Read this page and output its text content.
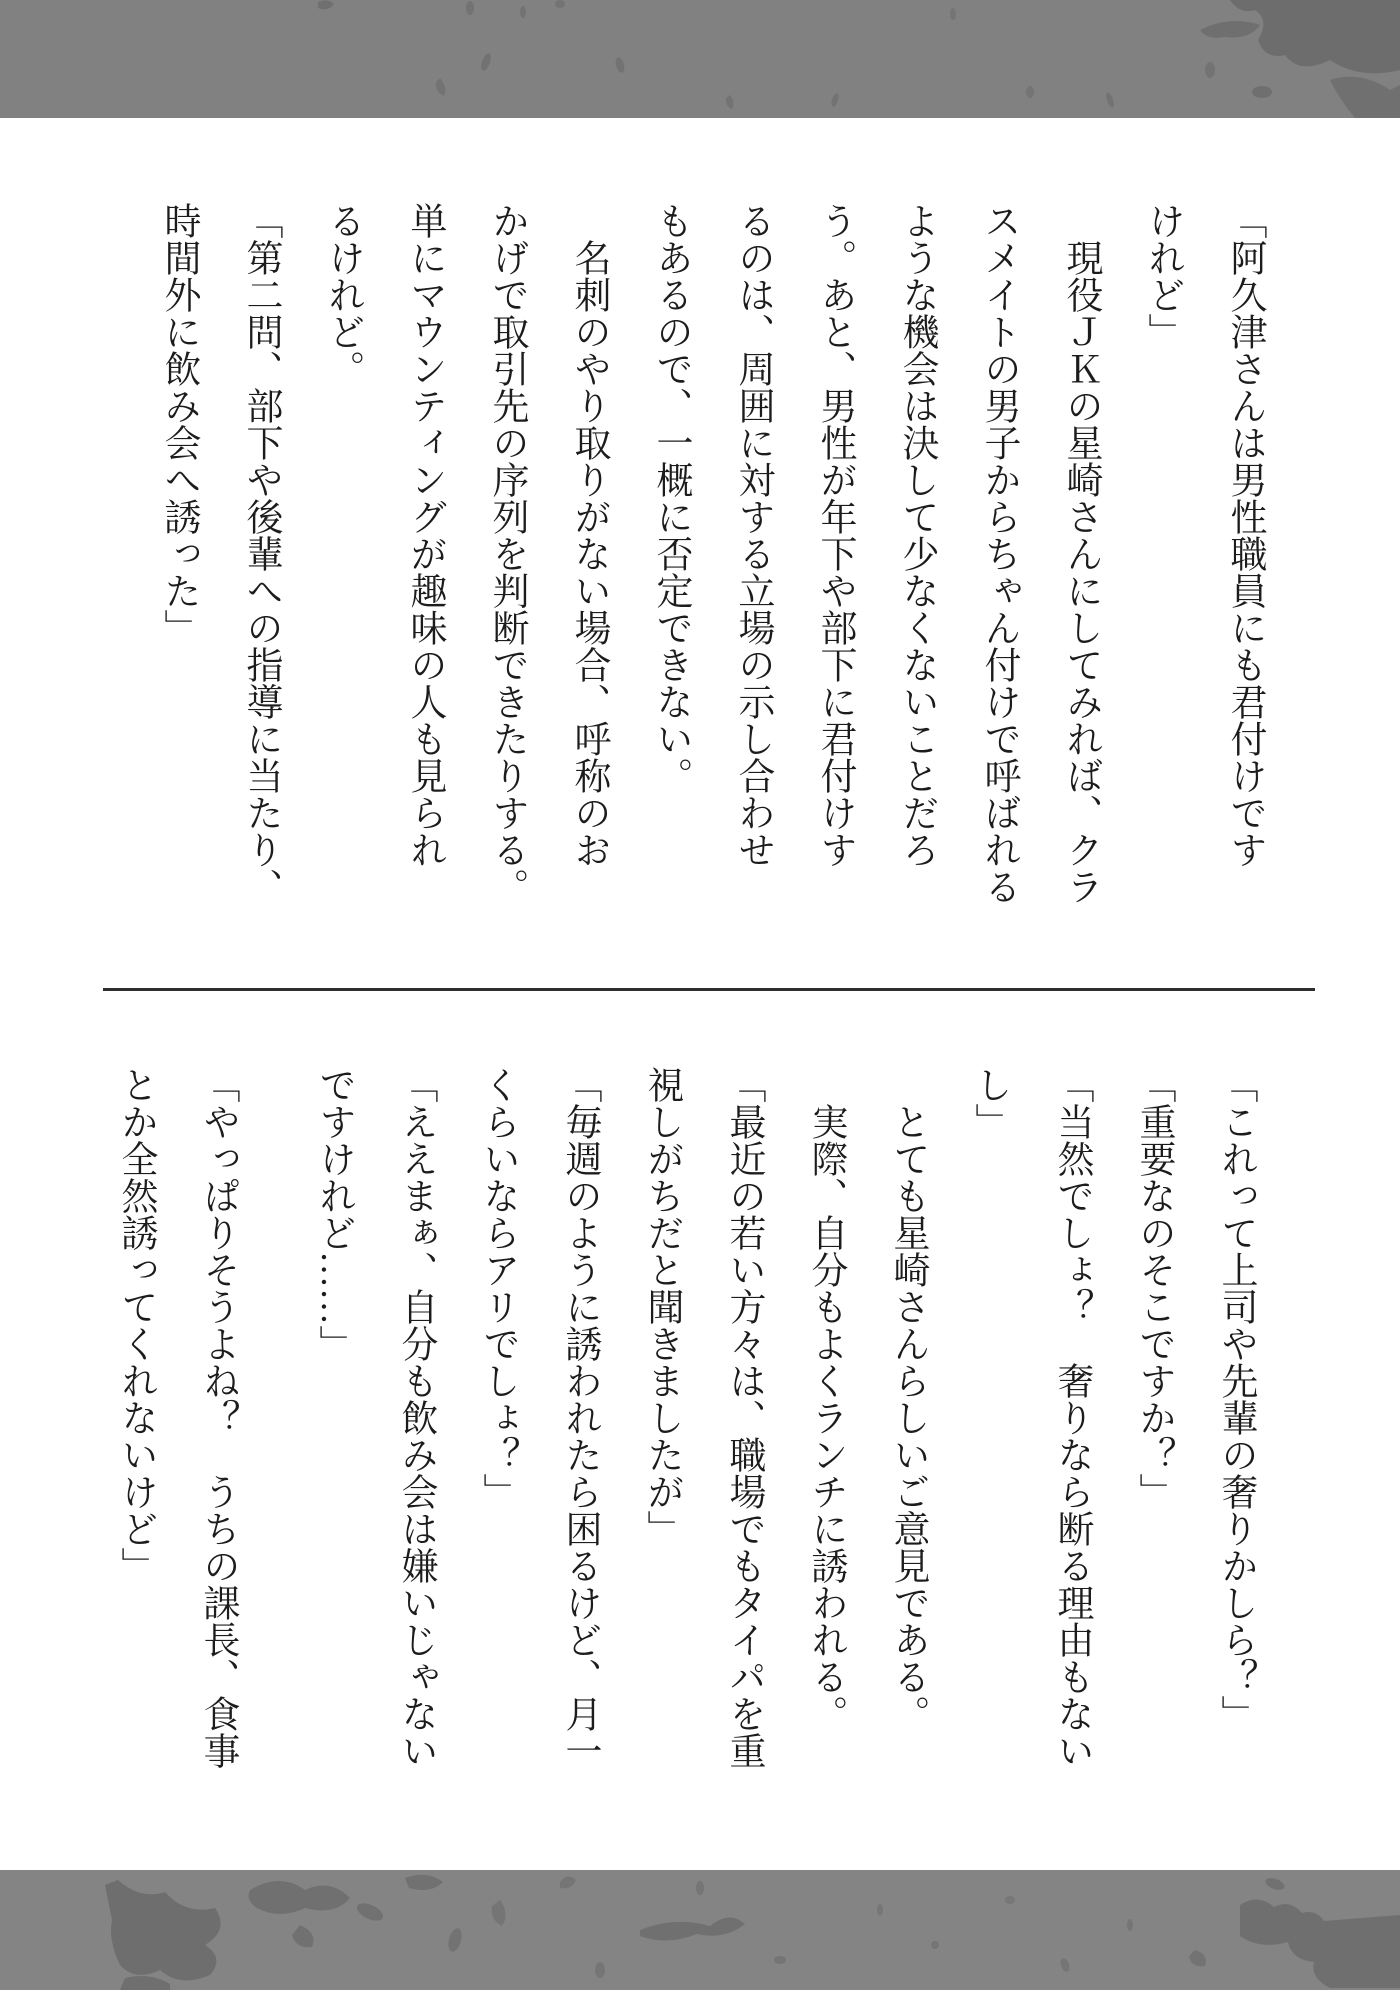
「阿久津さんは男性職員にも君付けです
けれど」
　現役ＪＫの星崎さんにしてみれば、クラ
スメイトの男子からちゃん付けで呼ばれる
ような機会は決して少なくないことだろ
う。あと、男性が年下や部下に君付けす
るのは、周囲に対する立場の示し合わせ
もあるので、一概に否定できない。
　名刺のやり取りがない場合、呼称のお
かげで取引先の序列を判断できたりする。
単にマウンティングが趣味の人も見られ
るけれど。
「第二問、部下や後輩への指導に当たり、
時間外に飲み会へ誘った」
「これって上司や先輩の奢りかしら？」
「重要なのそこですか？」
「当然でしょ？　奢りなら断る理由もない
し」
　とても星崎さんらしいご意見である。
　実際、自分もよくランチに誘われる。
「最近の若い方々は、職場でもタイパを重
視しがちだと聞きましたが」
「毎週のように誘われたら困るけど、月一
くらいならアリでしょ？」
「ええまぁ、自分も飲み会は嫌いじゃない
ですけれど……」
「やっぱりそうよね？　うちの課長、食事
とか全然誘ってくれないけど」
